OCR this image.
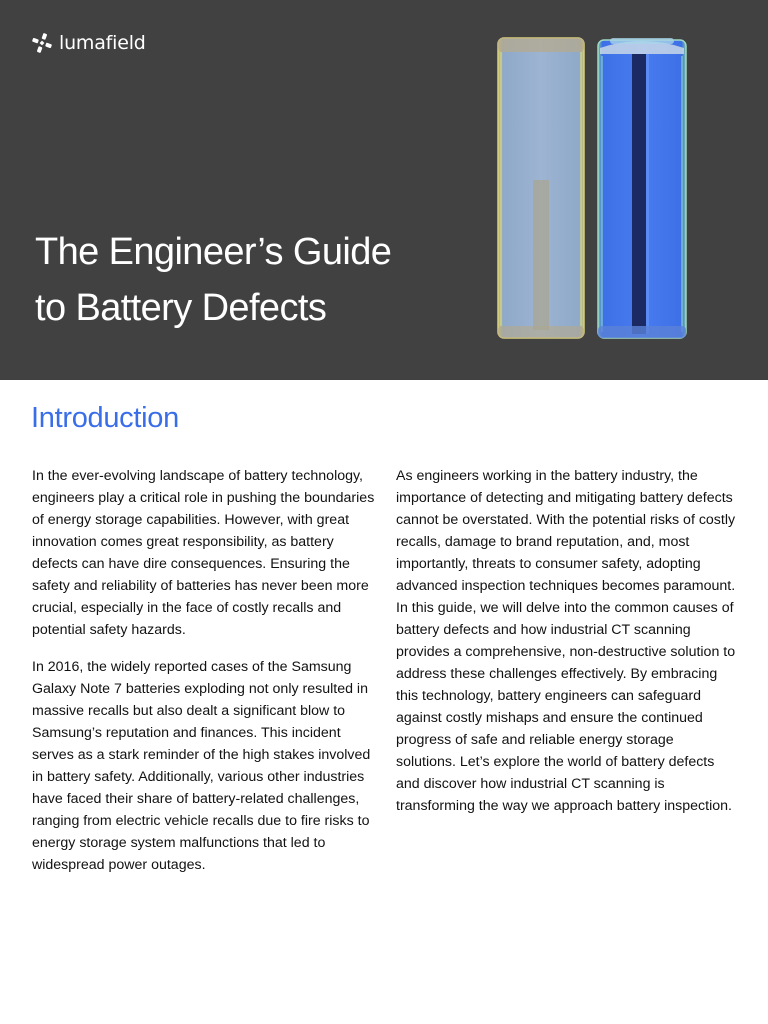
lumafield
The Engineer’s Guide
to Battery Defects
Introduction

In the ever-evolving landscape of battery technology, engineers play a critical role in pushing the boundaries of energy storage capabilities. However, with great innovation comes great responsibility, as battery defects can have dire consequences. Ensuring the safety and reliability of batteries has never been more crucial, especially in the face of costly recalls and potential safety hazards.

In 2016, the widely reported cases of the Samsung Galaxy Note 7 batteries exploding not only resulted in massive recalls but also dealt a significant blow to Samsung’s reputation and finances. This incident serves as a stark reminder of the high stakes involved in battery safety. Additionally, various other industries have faced their share of battery-related challenges, ranging from electric vehicle recalls due to fire risks to energy storage system malfunctions that led to widespread power outages.

As engineers working in the battery industry, the importance of detecting and mitigating battery defects cannot be overstated. With the potential risks of costly recalls, damage to brand reputation, and, most importantly, threats to consumer safety, adopting advanced inspection techniques becomes paramount. In this guide, we will delve into the common causes of battery defects and how industrial CT scanning provides a comprehensive, non-destructive solution to address these challenges effectively. By embracing this technology, battery engineers can safeguard against costly mishaps and ensure the continued progress of safe and reliable energy storage solutions. Let’s explore the world of battery defects and discover how industrial CT scanning is transforming the way we approach battery inspection.
